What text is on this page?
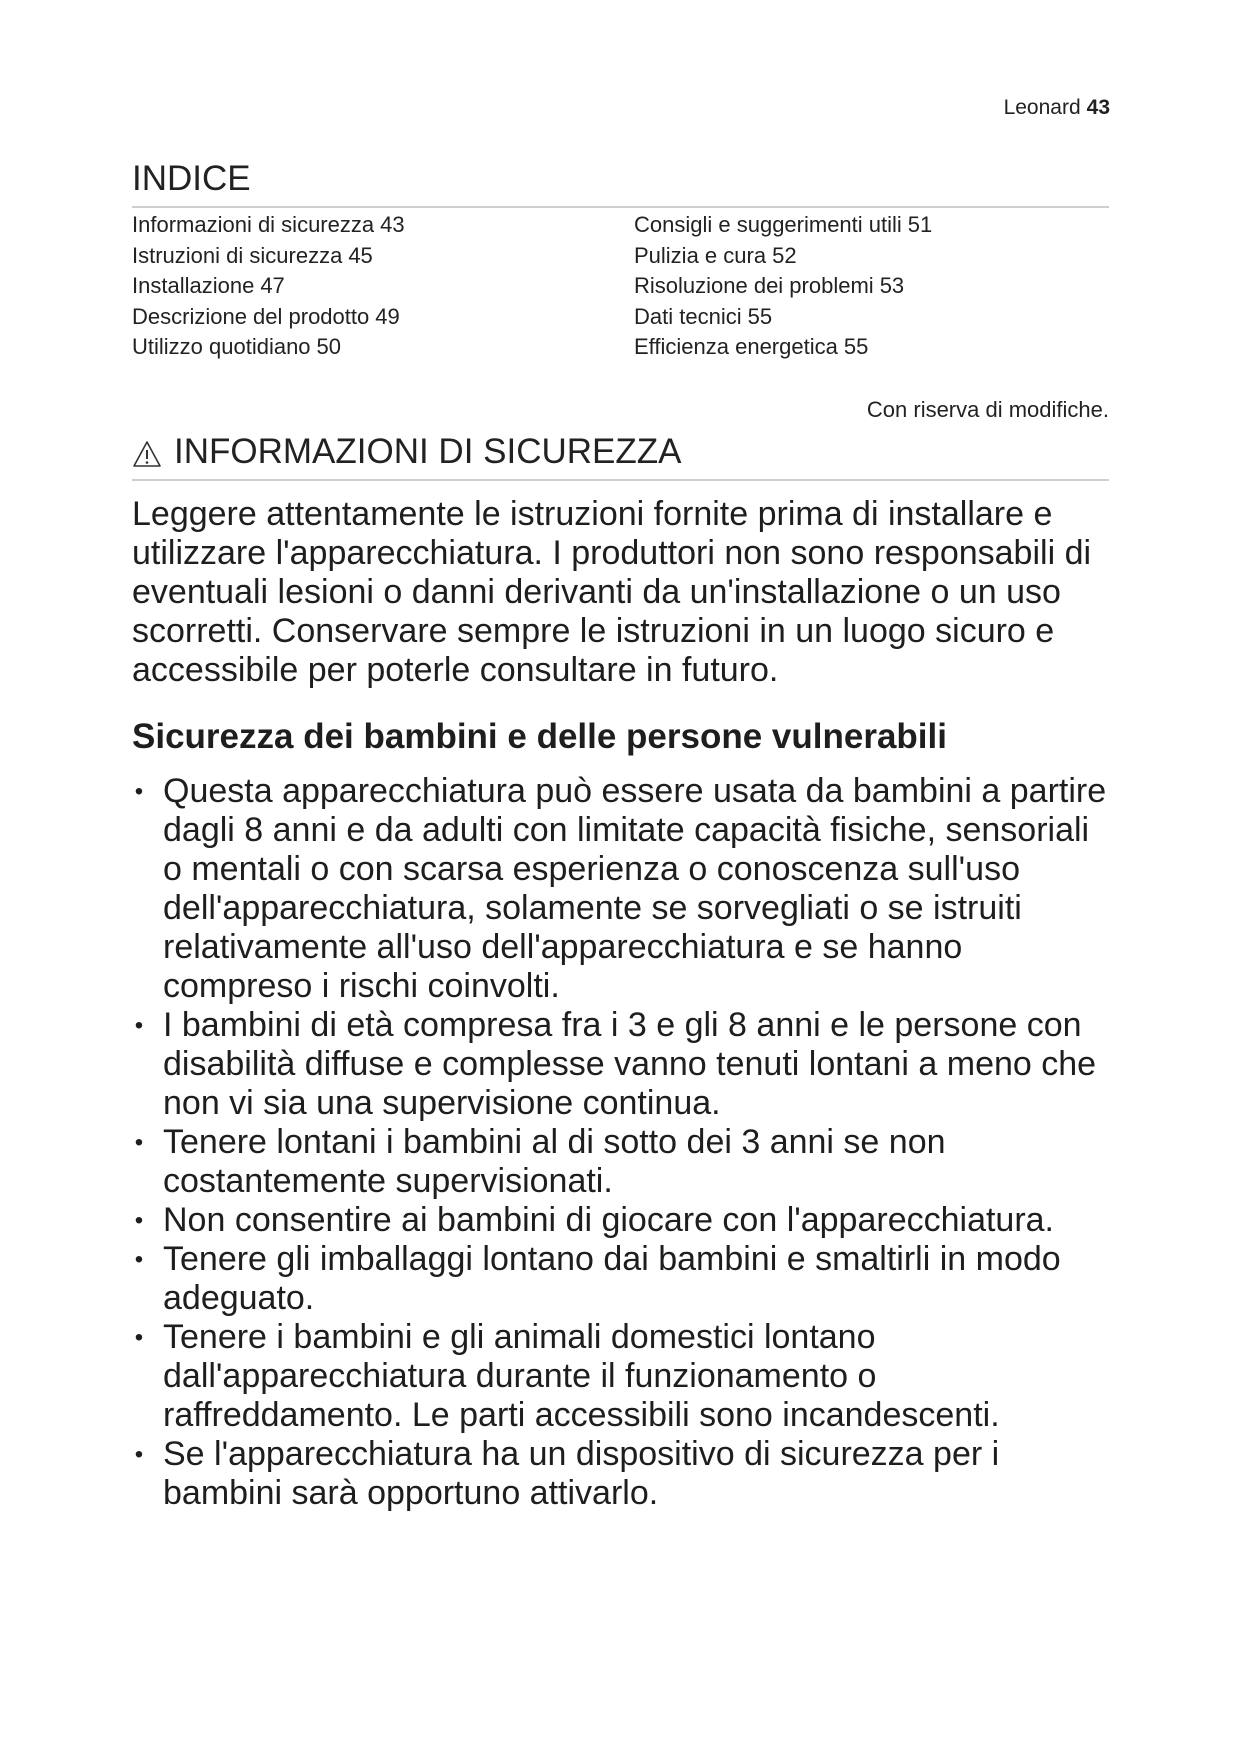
Leonard 43
INDICE
Informazioni di sicurezza 43
Istruzioni di sicurezza 45
Installazione 47
Descrizione del prodotto 49
Utilizzo quotidiano 50
Consigli e suggerimenti utili 51
Pulizia e cura 52
Risoluzione dei problemi 53
Dati tecnici 55
Efficienza energetica 55
Con riserva di modifiche.
INFORMAZIONI DI SICUREZZA

Leggere attentamente le istruzioni fornite prima di installare e utilizzare l'apparecchiatura. I produttori non sono responsabili di eventuali lesioni o danni derivanti da un'installazione o un uso scorretti. Conservare sempre le istruzioni in un luogo sicuro e accessibile per poterle consultare in futuro.

Sicurezza dei bambini e delle persone vulnerabili
• Questa apparecchiatura può essere usata da bambini a partire dagli 8 anni e da adulti con limitate capacità fisiche, sensoriali o mentali o con scarsa esperienza o conoscenza sull'uso dell'apparecchiatura, solamente se sorvegliati o se istruiti relativamente all'uso dell'apparecchiatura e se hanno compreso i rischi coinvolti.
• I bambini di età compresa fra i 3 e gli 8 anni e le persone con disabilità diffuse e complesse vanno tenuti lontani a meno che non vi sia una supervisione continua.
• Tenere lontani i bambini al di sotto dei 3 anni se non costantemente supervisionati.
• Non consentire ai bambini di giocare con l'apparecchiatura.
• Tenere gli imballaggi lontano dai bambini e smaltirli in modo adeguato.
• Tenere i bambini e gli animali domestici lontano dall'apparecchiatura durante il funzionamento o raffreddamento. Le parti accessibili sono incandescenti.
• Se l'apparecchiatura ha un dispositivo di sicurezza per i bambini sarà opportuno attivarlo.
